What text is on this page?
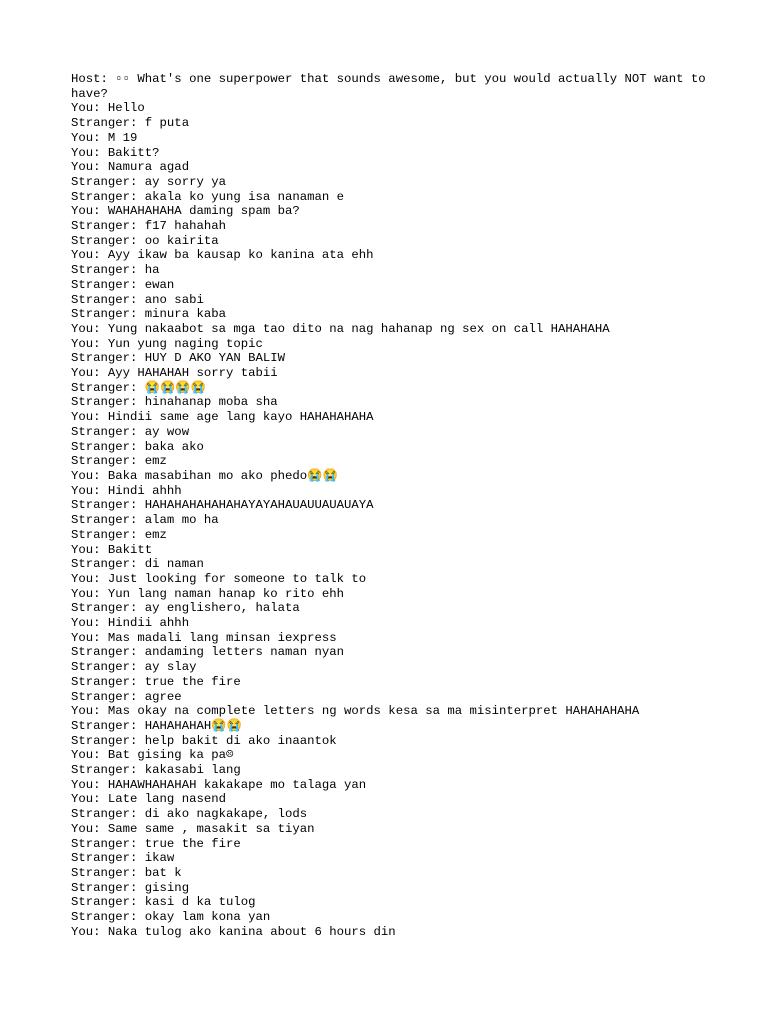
Host: ▫▫ What's one superpower that sounds awesome, but you would actually NOT want to have?
You: Hello
Stranger: f puta
You: M 19
You: Bakitt?
You: Namura agad
Stranger: ay sorry ya
Stranger: akala ko yung isa nanaman e
You: WAHAHAHAHA daming spam ba?
Stranger: f17 hahahah
Stranger: oo kairita
You: Ayy ikaw ba kausap ko kanina ata ehh
Stranger: ha
Stranger: ewan
Stranger: ano sabi
Stranger: minura kaba
You: Yung nakaabot sa mga tao dito na nag hahanap ng sex on call HAHAHAHA
You: Yun yung naging topic
Stranger: HUY D AKO YAN BALIW
You: Ayy HAHAHAH sorry tabii
Stranger: 😭😭😭😭
Stranger: hinahanap moba sha
You: Hindii same age lang kayo HAHAHAHAHA
Stranger: ay wow
Stranger: baka ako
Stranger: emz
You: Baka masabihan mo ako phedo😭😭
You: Hindi ahhh
Stranger: HAHAHAHAHAHAHAYAYAHAUAUUAUAUAYA
Stranger: alam mo ha
Stranger: emz
You: Bakitt
Stranger: di naman
You: Just looking for someone to talk to
You: Yun lang naman hanap ko rito ehh
Stranger: ay englishero, halata
You: Hindii ahhh
You: Mas madali lang minsan iexpress
Stranger: andaming letters naman nyan
Stranger: ay slay
Stranger: true the fire
Stranger: agree
You: Mas okay na complete letters ng words kesa sa ma misinterpret HAHAHAHAHA
Stranger: HAHAHAHAH😭😭
Stranger: help bakit di ako inaantok
You: Bat gising ka pa☹
Stranger: kakasabi lang
You: HAHAWHAHAHAH kakakape mo talaga yan
You: Late lang nasend
Stranger: di ako nagkakape, lods
You: Same same , masakit sa tiyan
Stranger: true the fire
Stranger: ikaw
Stranger: bat k
Stranger: gising
Stranger: kasi d ka tulog
Stranger: okay lam kona yan
You: Naka tulog ako kanina about 6 hours din
